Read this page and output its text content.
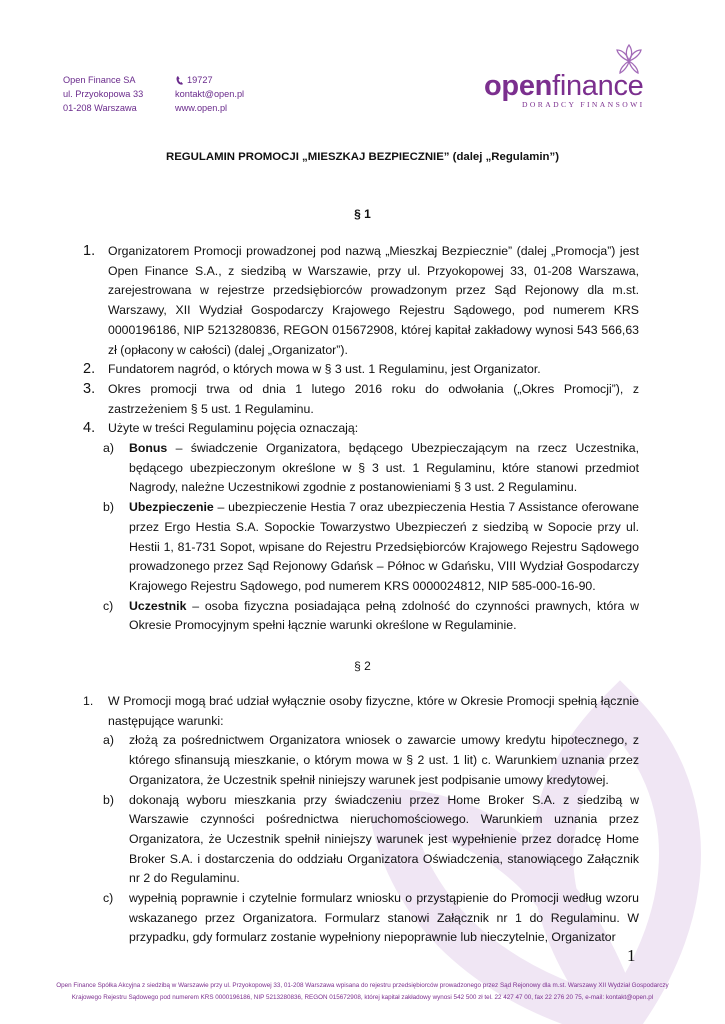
Open Finance SA
ul. Przyokopowa 33
01-208 Warszawa
19727
kontakt@open.pl
www.open.pl
openfinance
DORADCY FINANSOWI
REGULAMIN PROMOCJI „MIESZKAJ BEZPIECZNIE” (dalej „Regulamin”)
§ 1
1. Organizatorem Promocji prowadzonej pod nazwą „Mieszkaj Bezpiecznie” (dalej „Promocja”) jest Open Finance S.A., z siedzibą w Warszawie, przy ul. Przyokopowej 33, 01-208 Warszawa, zarejestrowana w rejestrze przedsiębiorców prowadzonym przez Sąd Rejonowy dla m.st. Warszawy, XII Wydział Gospodarczy Krajowego Rejestru Sądowego, pod numerem KRS 0000196186, NIP 5213280836, REGON 015672908, której kapitał zakładowy wynosi 543 566,63 zł (opłacony w całości) (dalej „Organizator”).
2. Fundatorem nagród, o których mowa w § 3 ust. 1 Regulaminu, jest Organizator.
3. Okres promocji trwa od dnia 1 lutego 2016 roku do odwołania („Okres Promocji”), z zastrzeżeniem § 5 ust. 1 Regulaminu.
4. Użyte w treści Regulaminu pojęcia oznaczają:
a) Bonus – świadczenie Organizatora, będącego Ubezpieczającym na rzecz Uczestnika, będącego ubezpieczonym określone w § 3 ust. 1 Regulaminu, które stanowi przedmiot Nagrody, należne Uczestnikowi zgodnie z postanowieniami § 3 ust. 2 Regulaminu.
b) Ubezpieczenie – ubezpieczenie Hestia 7 oraz ubezpieczenia Hestia 7 Assistance oferowane przez Ergo Hestia S.A. Sopockie Towarzystwo Ubezpieczeń z siedzibą w Sopocie przy ul. Hestii 1, 81-731 Sopot, wpisane do Rejestru Przedsiębiorców Krajowego Rejestru Sądowego prowadzonego przez Sąd Rejonowy Gdańsk – Północ w Gdańsku, VIII Wydział Gospodarczy Krajowego Rejestru Sądowego, pod numerem KRS 0000024812, NIP 585-000-16-90.
c) Uczestnik – osoba fizyczna posiadająca pełną zdolność do czynności prawnych, która w Okresie Promocyjnym spełni łącznie warunki określone w Regulaminie.
§ 2
1. W Promocji mogą brać udział wyłącznie osoby fizyczne, które w Okresie Promocji spełnią łącznie następujące warunki:
a) złożą za pośrednictwem Organizatora wniosek o zawarcie umowy kredytu hipotecznego, z którego sfinansują mieszkanie, o którym mowa w § 2 ust. 1 lit) c. Warunkiem uznania przez Organizatora, że Uczestnik spełnił niniejszy warunek jest podpisanie umowy kredytowej.
b) dokonają wyboru mieszkania przy świadczeniu przez Home Broker S.A. z siedzibą w Warszawie czynności pośrednictwa nieruchomościowego. Warunkiem uznania przez Organizatora, że Uczestnik spełnił niniejszy warunek jest wypełnienie przez doradcę Home Broker S.A. i dostarczenia do oddziału Organizatora Oświadczenia, stanowiącego Załącznik nr 2 do Regulaminu.
c) wypełnią poprawnie i czytelnie formularz wniosku o przystąpienie do Promocji według wzoru wskazanego przez Organizatora. Formularz stanowi Załącznik nr 1 do Regulaminu. W przypadku, gdy formularz zostanie wypełniony niepoprawnie lub nieczytelnie, Organizator
1
Open Finance Spółka Akcyjna z siedzibą w Warszawie przy ul. Przyokopowej 33, 01-208 Warszawa wpisana do rejestru przedsiębiorców prowadzonego przez Sąd Rejonowy dla m.st. Warszawy XII Wydział Gospodarczy
Krajowego Rejestru Sądowego pod numerem KRS 0000196186, NIP 5213280836, REGON 015672908, której kapitał zakładowy wynosi 542 500 zł tel. 22 427 47 00, fax 22 276 20 75, e-mail: kontakt@open.pl
